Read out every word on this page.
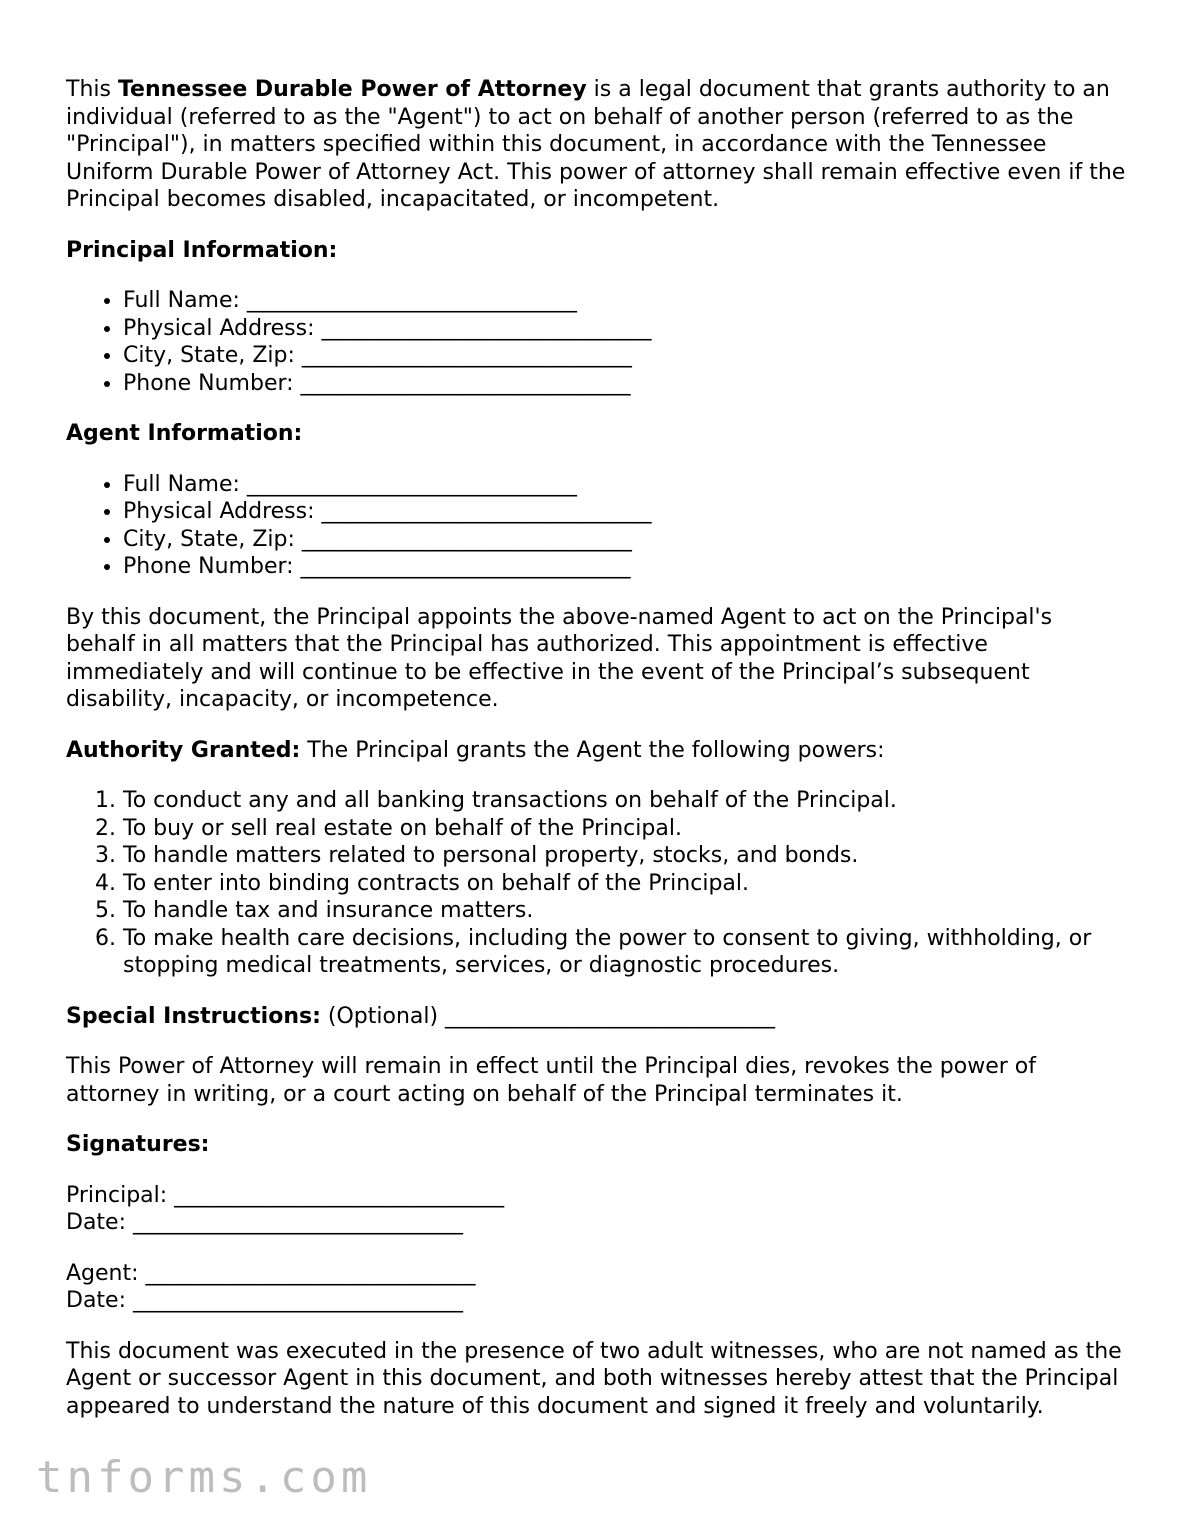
This Tennessee Durable Power of Attorney is a legal document that grants authority to an individual (referred to as the "Agent") to act on behalf of another person (referred to as the "Principal"), in matters specified within this document, in accordance with the Tennessee Uniform Durable Power of Attorney Act. This power of attorney shall remain effective even if the Principal becomes disabled, incapacitated, or incompetent.

Principal Information:
• Full Name: ______________________________
• Physical Address: ______________________________
• City, State, Zip: ______________________________
• Phone Number: ______________________________
Agent Information:
• Full Name: ______________________________
• Physical Address: ______________________________
• City, State, Zip: ______________________________
• Phone Number: ______________________________

By this document, the Principal appoints the above-named Agent to act on the Principal's behalf in all matters that the Principal has authorized. This appointment is effective immediately and will continue to be effective in the event of the Principal’s subsequent disability, incapacity, or incompetence.

Authority Granted: The Principal grants the Agent the following powers:

1. To conduct any and all banking transactions on behalf of the Principal.
2. To buy or sell real estate on behalf of the Principal.
3. To handle matters related to personal property, stocks, and bonds.
4. To enter into binding contracts on behalf of the Principal.
5. To handle tax and insurance matters.
6. To make health care decisions, including the power to consent to giving, withholding, or stopping medical treatments, services, or diagnostic procedures.

Special Instructions: (Optional) ______________________________

This Power of Attorney will remain in effect until the Principal dies, revokes the power of attorney in writing, or a court acting on behalf of the Principal terminates it.

Signatures:
Principal: ______________________________
Date: ______________________________
Agent: ______________________________
Date: ______________________________

This document was executed in the presence of two adult witnesses, who are not named as the Agent or successor Agent in this document, and both witnesses hereby attest that the Principal appeared to understand the nature of this document and signed it freely and voluntarily.

tnforms.com
